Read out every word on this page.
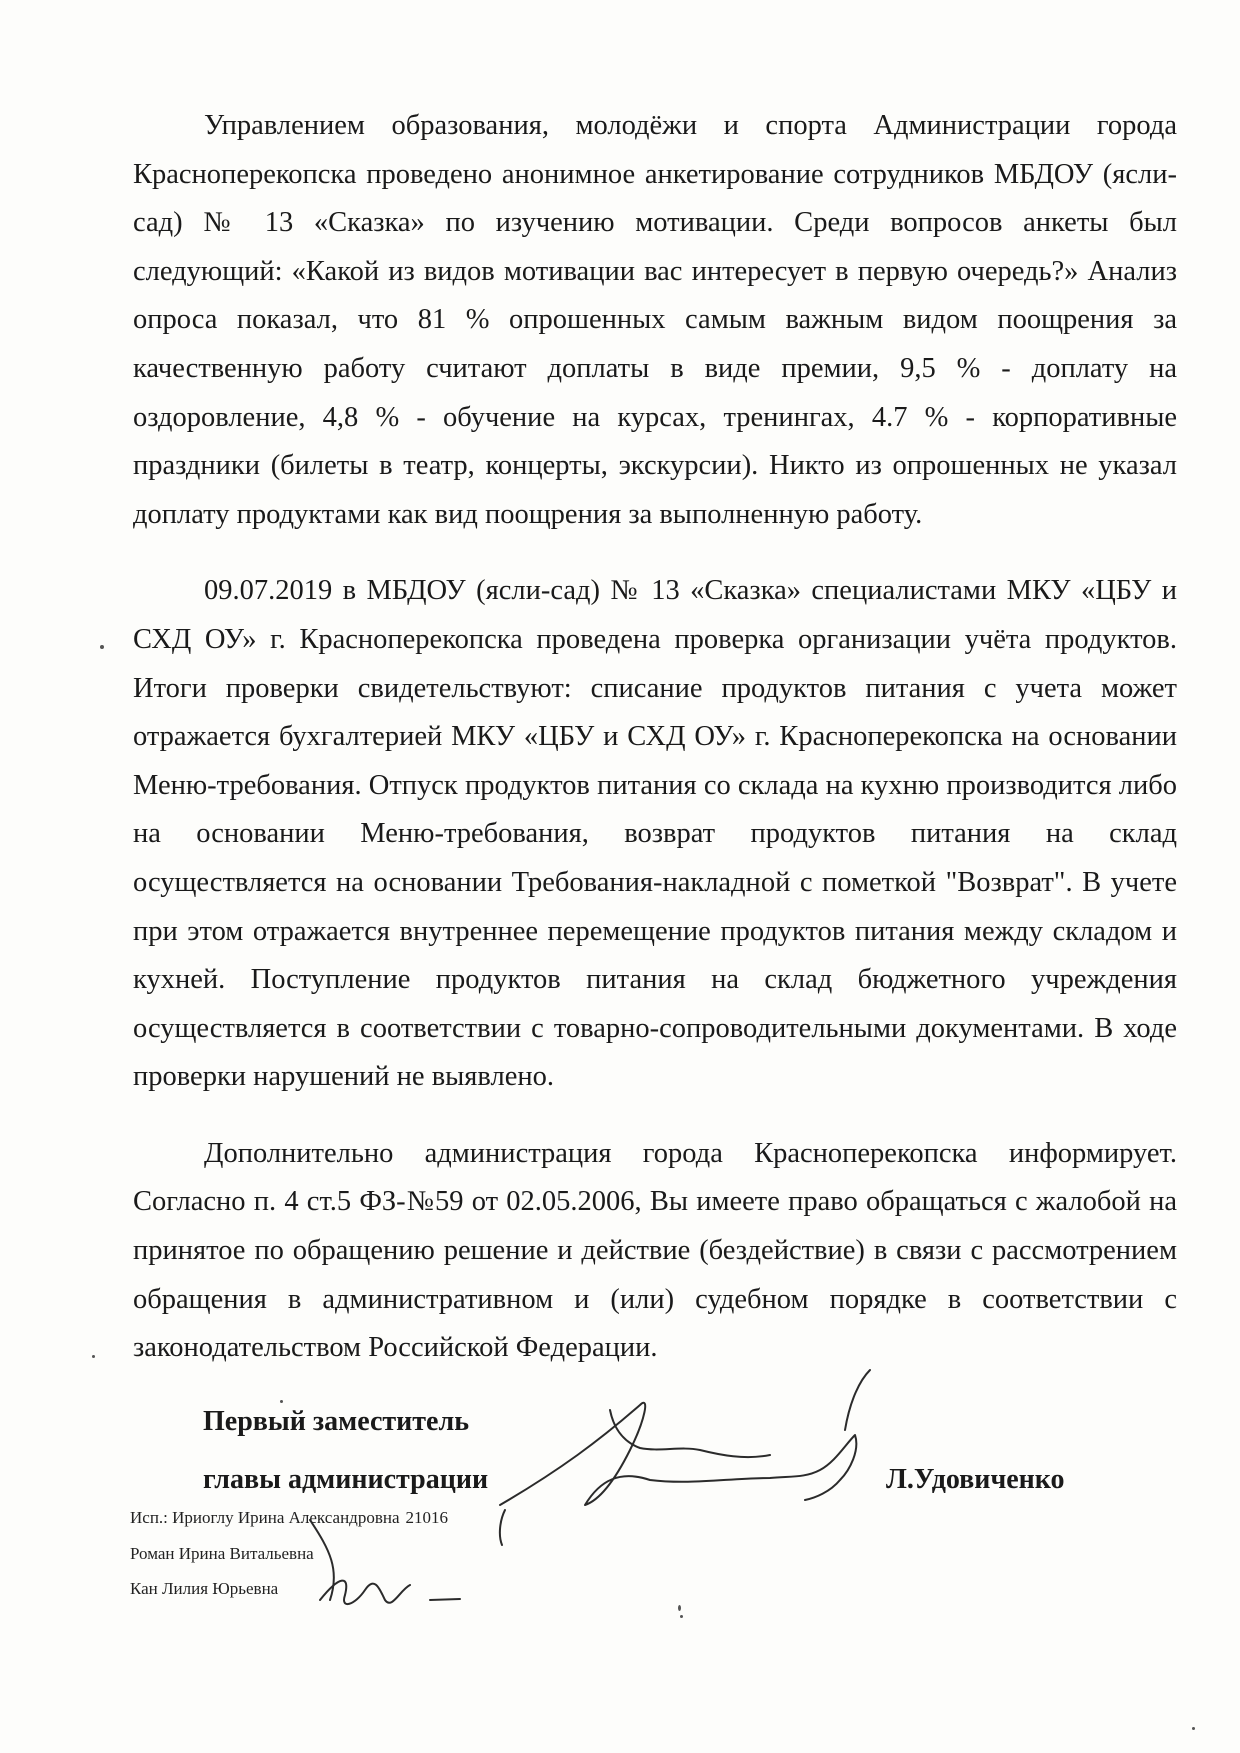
Управлением образования, молодёжи и спорта Администрации города Красноперекопска проведено анонимное анкетирование сотрудников МБДОУ (ясли-сад) № 13 «Сказка» по изучению мотивации. Среди вопросов анкеты был следующий: «Какой из видов мотивации вас интересует в первую очередь?» Анализ опроса показал, что 81 % опрошенных самым важным видом поощрения за качественную работу считают доплаты в виде премии, 9,5 % - доплату на оздоровление, 4,8 % - обучение на курсах, тренингах, 4.7 % - корпоративные праздники (билеты в театр, концерты, экскурсии). Никто из опрошенных не указал доплату продуктами как вид поощрения за выполненную работу.

09.07.2019 в МБДОУ (ясли-сад) № 13 «Сказка» специалистами МКУ «ЦБУ и СХД ОУ» г. Красноперекопска проведена проверка организации учёта продуктов. Итоги проверки свидетельствуют: списание продуктов питания с учета может отражается бухгалтерией МКУ «ЦБУ и СХД ОУ» г. Красноперекопска на основании Меню-требования. Отпуск продуктов питания со склада на кухню производится либо на основании Меню-требования, возврат продуктов питания на склад осуществляется на основании Требования-накладной с пометкой "Возврат". В учете при этом отражается внутреннее перемещение продуктов питания между складом и кухней. Поступление продуктов питания на склад бюджетного учреждения осуществляется в соответствии с товарно-сопроводительными документами. В ходе проверки нарушений не выявлено.

Дополнительно администрация города Красноперекопска информирует. Согласно п. 4 ст.5 ФЗ-№59 от 02.05.2006, Вы имеете право обращаться с жалобой на принятое по обращению решение и действие (бездействие) в связи с рассмотрением обращения в административном и (или) судебном порядке в соответствии с законодательством Российской Федерации.

Первый заместитель
главы администрации	Л.Удовиченко
Исп.: Ириоглу Ирина Александровна 21016
Роман Ирина Витальевна
Кан Лилия Юрьевна
